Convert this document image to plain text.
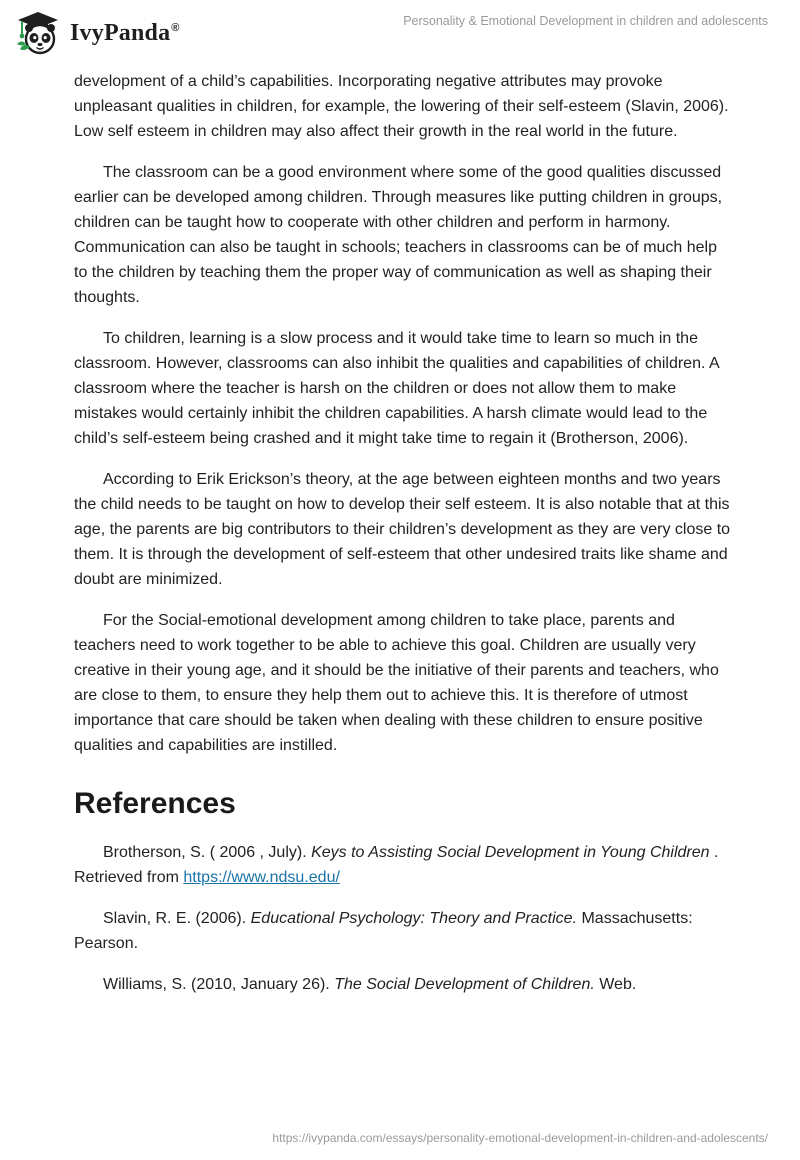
IvyPanda®	Personality & Emotional Development in children and adolescents

development of a child’s capabilities. Incorporating negative attributes may provoke unpleasant qualities in children, for example, the lowering of their self-esteem (Slavin, 2006). Low self esteem in children may also affect their growth in the real world in the future.

The classroom can be a good environment where some of the good qualities discussed earlier can be developed among children. Through measures like putting children in groups, children can be taught how to cooperate with other children and perform in harmony. Communication can also be taught in schools; teachers in classrooms can be of much help to the children by teaching them the proper way of communication as well as shaping their thoughts.

To children, learning is a slow process and it would take time to learn so much in the classroom. However, classrooms can also inhibit the qualities and capabilities of children. A classroom where the teacher is harsh on the children or does not allow them to make mistakes would certainly inhibit the children capabilities. A harsh climate would lead to the child’s self-esteem being crashed and it might take time to regain it (Brotherson, 2006).

According to Erik Erickson’s theory, at the age between eighteen months and two years the child needs to be taught on how to develop their self esteem. It is also notable that at this age, the parents are big contributors to their children’s development as they are very close to them. It is through the development of self-esteem that other undesired traits like shame and doubt are minimized.

For the Social-emotional development among children to take place, parents and teachers need to work together to be able to achieve this goal. Children are usually very creative in their young age, and it should be the initiative of their parents and teachers, who are close to them, to ensure they help them out to achieve this. It is therefore of utmost importance that care should be taken when dealing with these children to ensure positive qualities and capabilities are instilled.

References

Brotherson, S. ( 2006 , July). Keys to Assisting Social Development in Young Children . Retrieved from https://www.ndsu.edu/

Slavin, R. E. (2006). Educational Psychology: Theory and Practice. Massachusetts: Pearson.

Williams, S. (2010, January 26). The Social Development of Children. Web.

https://ivypanda.com/essays/personality-emotional-development-in-children-and-adolescents/
